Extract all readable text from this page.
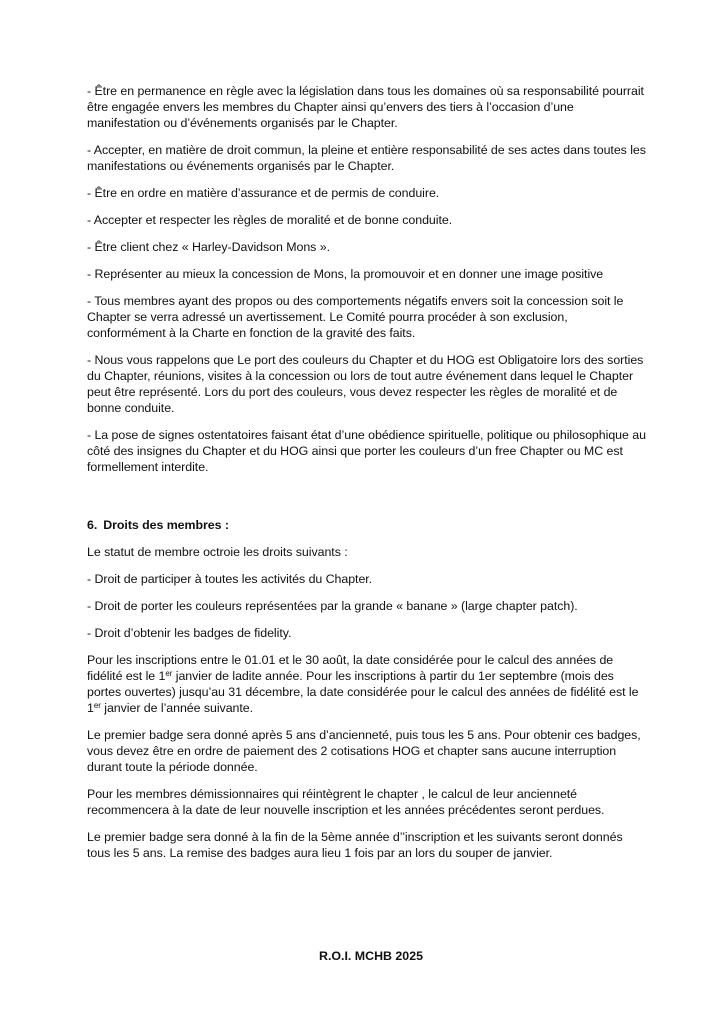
- Être en permanence en règle avec la législation dans tous les domaines où sa responsabilité pourrait être engagée envers les membres du Chapter ainsi qu’envers des tiers à l’occasion d’une manifestation ou d’événements organisés par le Chapter.

- Accepter, en matière de droit commun, la pleine et entière responsabilité de ses actes dans toutes les manifestations ou événements organisés par le Chapter.

- Être en ordre en matière d’assurance et de permis de conduire.

- Accepter et respecter les règles de moralité et de bonne conduite.

- Être client chez « Harley-Davidson Mons ».

- Représenter au mieux la concession de Mons, la promouvoir et en donner une image positive

- Tous membres ayant des propos ou des comportements négatifs envers soit la concession soit le Chapter se verra adressé un avertissement. Le Comité pourra procéder à son exclusion, conformément à la Charte en fonction de la gravité des faits.

- Nous vous rappelons que Le port des couleurs du Chapter et du HOG est Obligatoire lors des sorties du Chapter, réunions, visites à la concession ou lors de tout autre événement dans lequel le Chapter peut être représenté. Lors du port des couleurs, vous devez respecter les règles de moralité et de bonne conduite.

- La pose de signes ostentatoires faisant état d’une obédience spirituelle, politique ou philosophique au côté des insignes du Chapter et du HOG ainsi que porter les couleurs d’un free Chapter ou MC est formellement interdite.

6. Droits des membres :

Le statut de membre octroie les droits suivants :

- Droit de participer à toutes les activités du Chapter.

- Droit de porter les couleurs représentées par la grande « banane » (large chapter patch).

- Droit d’obtenir les badges de fidelity.

Pour les inscriptions entre le 01.01 et le 30 août, la date considérée pour le calcul des années de fidélité est le 1er janvier de ladite année. Pour les inscriptions à partir du 1er septembre (mois des portes ouvertes) jusqu’au 31 décembre, la date considérée pour le calcul des années de fidélité est le 1er janvier de l’année suivante.

Le premier badge sera donné après 5 ans d’ancienneté, puis tous les 5 ans. Pour obtenir ces badges, vous devez être en ordre de paiement des 2 cotisations HOG et chapter sans aucune interruption durant toute la période donnée.

Pour les membres démissionnaires qui réintègrent le chapter , le calcul de leur ancienneté recommencera à la date de leur nouvelle inscription et les années précédentes seront perdues.

Le premier badge sera donné à la fin de la 5ème année d’’inscription et les suivants seront donnés tous les 5 ans. La remise des badges aura lieu 1 fois par an lors du souper de janvier.

R.O.I. MCHB 2025
